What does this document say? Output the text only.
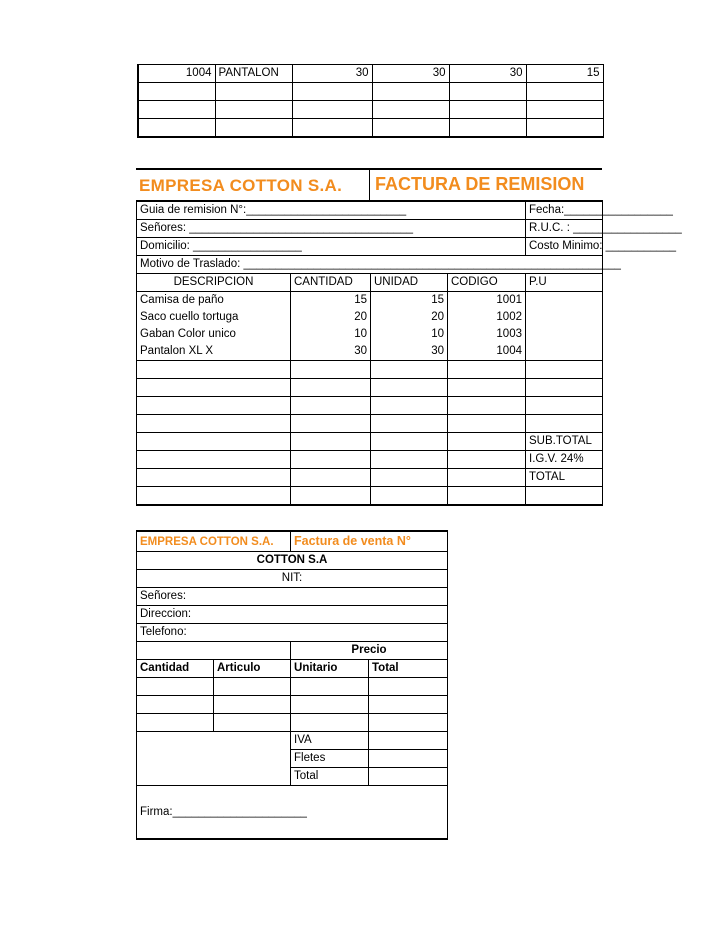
1004	PANTALON	30	30	30	15

EMPRESA COTTON S.A. FACTURA DE REMISION
Guia de remision N°:_________________________				Fecha:_________________
Señores: ___________________________________				R.U.C. : _________________
Domicilio: _________________				Costo Minimo: ___________
Motivo de Traslado: ___________________________________________________________				
DESCRIPCION	CANTIDAD	UNIDAD	CODIGO	P.U
Camisa de paño	15	15	1001	
Saco cuello tortuga	20	20	1002	
Gaban Color unico	10	10	1003	
Pantalon XL X	30	30	1004	

				SUB.TOTAL
				I.G.V. 24%
				TOTAL

EMPRESA COTTON S.A.		Factura de venta N°	
COTTON S.A			
NIT:			
Señores:			
Direccion:			
Telefono:			
		Precio	
Cantidad	Articulo	Unitario	Total

		IVA	
		Fletes	
		Total	
Firma:_____________________			
